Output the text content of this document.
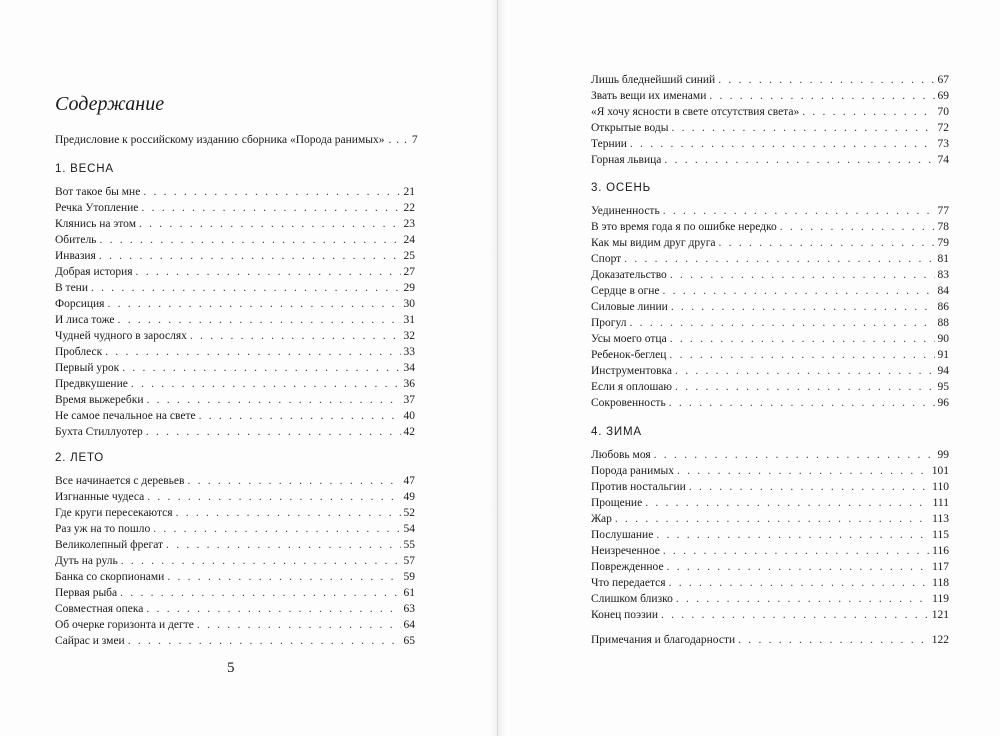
Содержание
Предисловие к российскому изданию сборника «Порода ранимых» . . . 7
1. ВЕСНА
Вот такое бы мне . . .	21
Речка Утопление . . .	22
Клянись на этом . . .	23
Обитель . . .	24
Инвазия . . .	25
Добрая история . . .	27
В тени . . .	29
Форсиция . . .	30
И лиса тоже . . .	31
Чудней чудного в зарослях . . .	32
Проблеск . . .	33
Первый урок . . .	34
Предвкушение . . .	36
Время выжеребки . . .	37
Не самое печальное на свете . . .	40
Бухта Стиллуотер . . .	42
2. ЛЕТО
Все начинается с деревьев . . .	47
Изгнанные чудеса . . .	49
Где круги пересекаются . . .	52
Раз уж на то пошло . . .	54
Великолепный фрегат . . .	55
Дуть на руль . . .	57
Банка со скорпионами . . .	59
Первая рыба . . .	61
Совместная опека . . .	63
Об очерке горизонта и дегте . . .	64
Сайрас и змеи . . .	65
5
Лишь бледнейший синий . . .	67
Звать вещи их именами . . .	69
«Я хочу ясности в свете отсутствия света» . . .	70
Открытые воды . . .	72
Тернии . . .	73
Горная львица . . .	74
3. ОСЕНЬ
Уединенность . . .	77
В это время года я по ошибке нередко . . .	78
Как мы видим друг друга . . .	79
Спорт . . .	81
Доказательство . . .	83
Сердце в огне . . .	84
Силовые линии . . .	86
Прогул . . .	88
Усы моего отца . . .	90
Ребенок-беглец . . .	91
Инструментовка . . .	94
Если я оплошаю . . .	95
Сокровенность . . .	96
4. ЗИМА
Любовь моя . . .	99
Порода ранимых . . .	101
Против ностальгии . . .	110
Прощение . . .	111
Жар . . .	113
Послушание . . .	115
Неизреченное . . .	116
Поврежденное . . .	117
Что передается . . .	118
Слишком близко . . .	119
Конец поэзии . . .	121
Примечания и благодарности . . .	122
